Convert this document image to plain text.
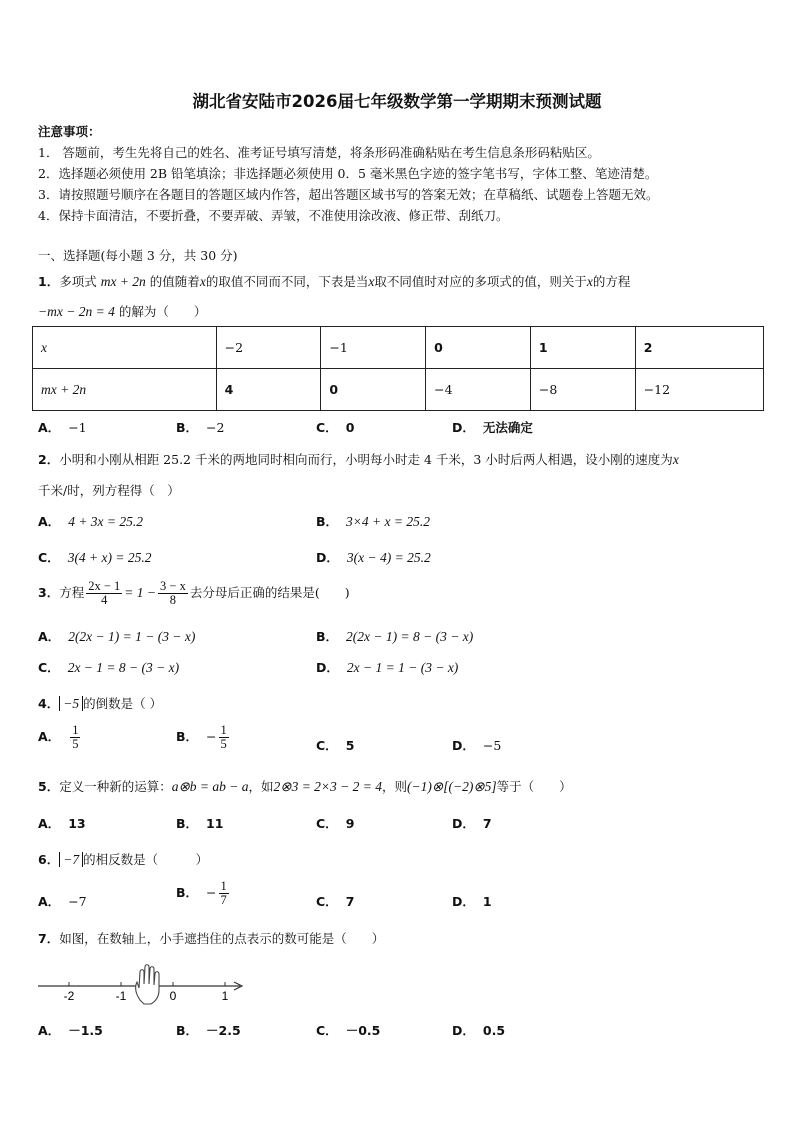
湖北省安陆市2026届七年级数学第一学期期末预测试题
注意事项：
1． 答题前，考生先将自己的姓名、准考证号填写清楚，将条形码准确粘贴在考生信息条形码粘贴区。
2．选择题必须使用 2B 铅笔填涂；非选择题必须使用 0．5 毫米黑色字迹的签字笔书写，字体工整、笔迹清楚。
3．请按照题号顺序在各题目的答题区域内作答，超出答题区域书写的答案无效；在草稿纸、试题卷上答题无效。
4．保持卡面清洁，不要折叠，不要弄破、弄皱，不准使用涂改液、修正带、刮纸刀。
一、选择题(每小题 3 分，共 30 分)
1．多项式 mx + 2n 的值随着x的取值不同而不同，下表是当x取不同值时对应的多项式的值，则关于x的方程
−mx − 2n = 4 的解为（　　）
x	−2	−1	0	1	2
mx + 2n	4	0	−4	−8	−12
A． −1	B． −2	C． 0	D． 无法确定
2．小明和小刚从相距 25.2 千米的两地同时相向而行，小明每小时走 4 千米，3 小时后两人相遇，设小刚的速度为x
千米/时，列方程得（　）
A． 4 + 3x = 25.2	B． 3×4 + x = 25.2
C． 3(4 + x) = 25.2	D． 3(x − 4) = 25.2
3．方程 $\frac{2x - 1}{4} = 1 - \frac{3 - x}{8}$ 去分母后正确的结果是(　　)
A． 2(2x − 1) = 1 − (3 − x)	B． 2(2x − 1) = 8 − (3 − x)
C． 2x − 1 = 8 − (3 − x)	D． 2x − 1 = 1 − (3 − x)
4． −5 的倒数是（ ）
A． $\frac{1}{5}$	B． − $\frac{1}{5}$	C． 5	D． −5
5．定义一种新的运算：a⊗b = ab − a，如2⊗3 = 2×3 − 2 = 4，则(−1)⊗[(−2)⊗5]等于（　　）
A． 13	B． 11	C． 9	D． 7
6． −7 的相反数是（　　　）
A． −7
B． − $\frac{1}{7}$	C． 7	D． 1
7．如图，在数轴上，小手遮挡住的点表示的数可能是（　　）
-2	-1	0	1
A． －1.5	B． －2.5	C． －0.5	D． 0.5
